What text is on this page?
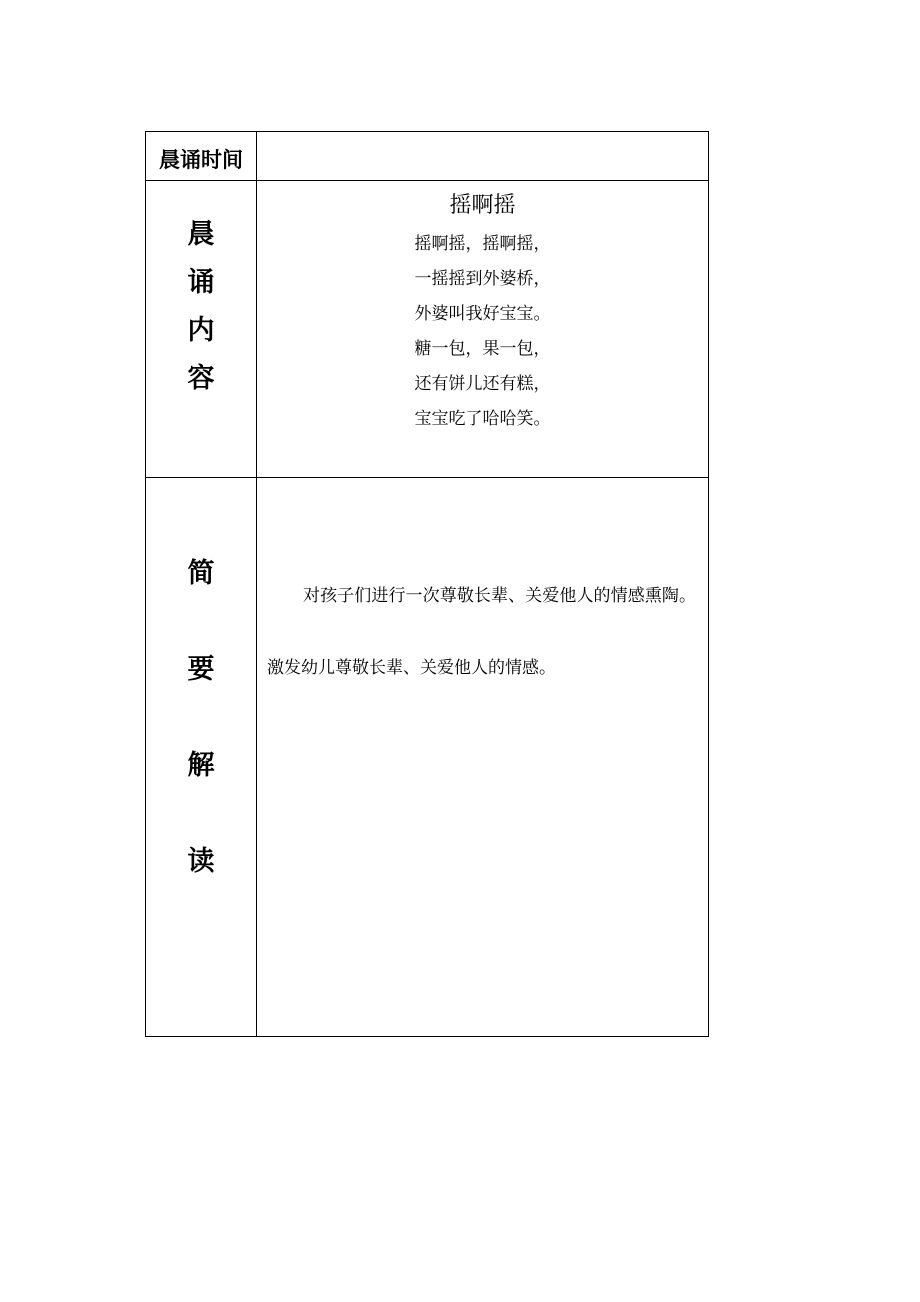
晨诵时间
晨
诵
内
容

摇啊摇

摇啊摇，摇啊摇，

一摇摇到外婆桥，

外婆叫我好宝宝。

糖一包，果一包，

还有饼儿还有糕，

宝宝吃了哈哈笑。

简
要
解
读

对孩子们进行一次尊敬长辈、关爱他人的情感熏陶。激发幼儿尊敬长辈、关爱他人的情感。
